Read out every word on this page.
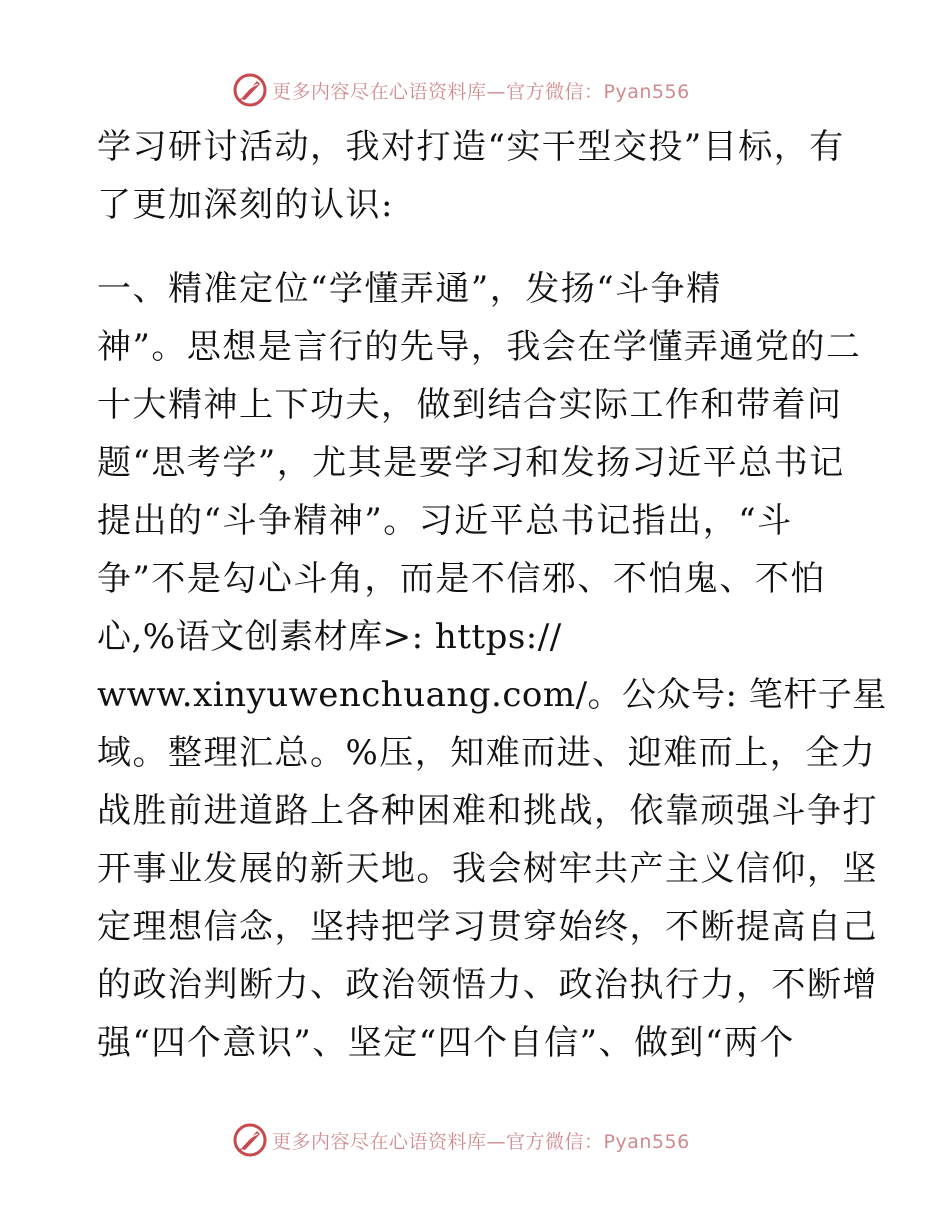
更多内容尽在心语资料库—官方微信：Pyan556
学习研讨活动，我对打造“实干型交投”目标，有
了更加深刻的认识:
一、精准定位“学懂弄通”，发扬“斗争精
神”。思想是言行的先导，我会在学懂弄通党的二
十大精神上下功夫，做到结合实际工作和带着问
题“思考学”，尤其是要学习和发扬习近平总书记
提出的“斗争精神”。习近平总书记指出，“斗
争”不是勾心斗角，而是不信邪、不怕鬼、不怕
心,%语文创素材库>: https://
www.xinyuwenchuang.com/。公众号: 笔杆子星
域。整理汇总。%压，知难而进、迎难而上，全力
战胜前进道路上各种困难和挑战，依靠顽强斗争打
开事业发展的新天地。我会树牢共产主义信仰，坚
定理想信念，坚持把学习贯穿始终，不断提高自己
的政治判断力、政治领悟力、政治执行力，不断增
强“四个意识”、坚定“四个自信”、做到“两个
更多内容尽在心语资料库—官方微信：Pyan556
